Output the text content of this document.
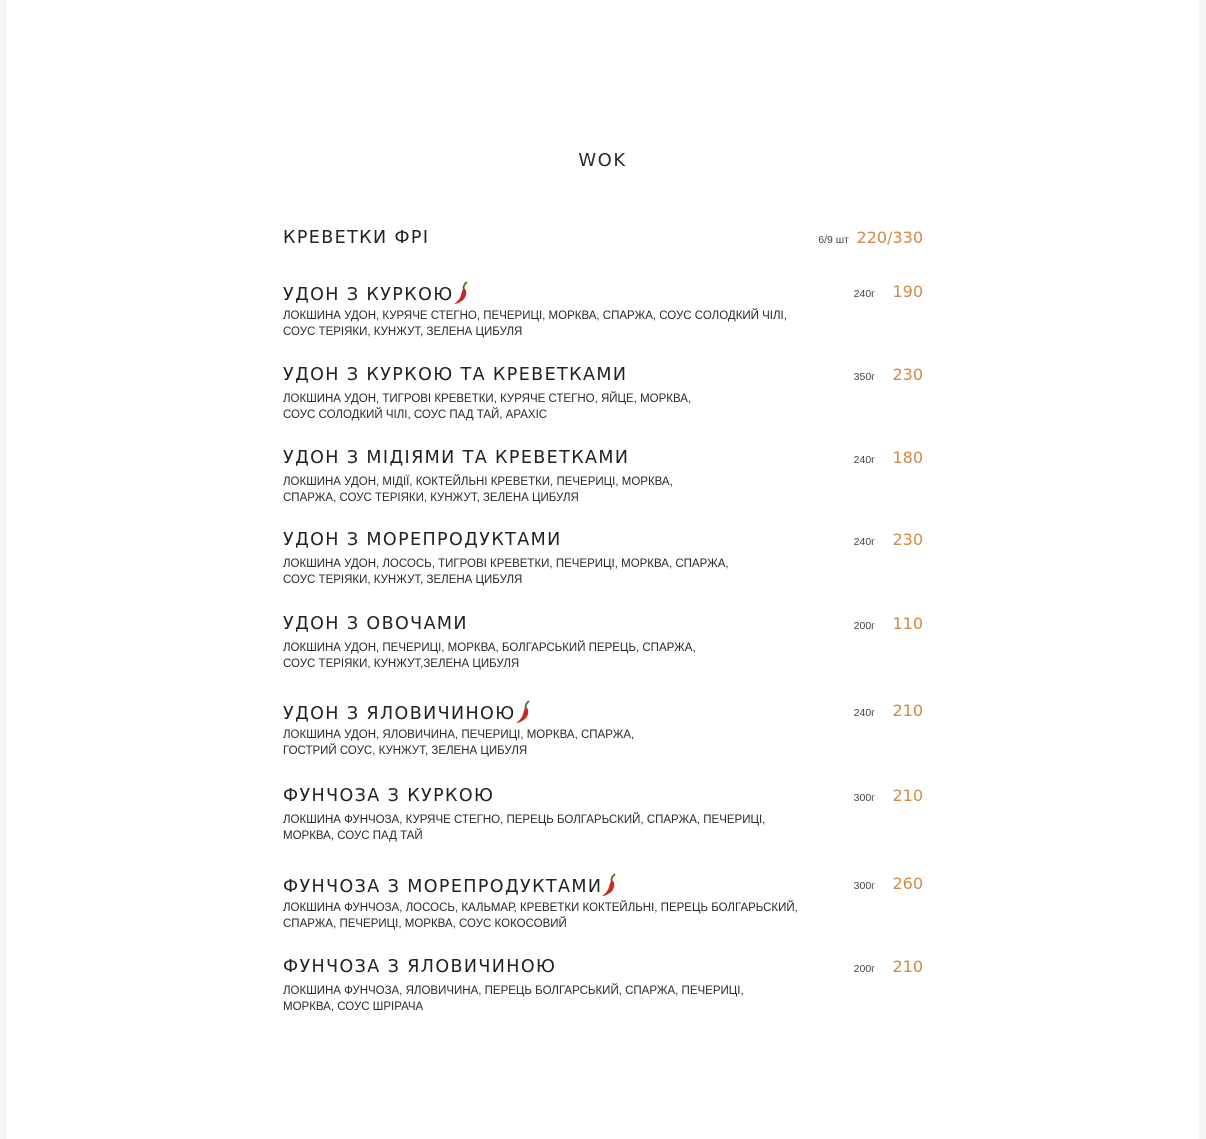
WOK
КРЕВЕТКИ ФРІ	6/9 шт 220/330
УДОН З КУРКОЮ
ЛОКШИНА УДОН, КУРЯЧЕ СТЕГНО, ПЕЧЕРИЦІ, МОРКВА, СПАРЖА, СОУС СОЛОДКИЙ ЧІЛІ,
СОУС ТЕРІЯКИ, КУНЖУТ, ЗЕЛЕНА ЦИБУЛЯ
240г	190
УДОН З КУРКОЮ ТА КРЕВЕТКАМИ
ЛОКШИНА УДОН, ТИГРОВІ КРЕВЕТКИ, КУРЯЧЕ СТЕГНО, ЯЙЦЕ, МОРКВА,
СОУС СОЛОДКИЙ ЧІЛІ, СОУС ПАД ТАЙ, АРАХІС
350г	230
УДОН З МІДІЯМИ ТА КРЕВЕТКАМИ
ЛОКШИНА УДОН, МІДІЇ, КОКТЕЙЛЬНІ КРЕВЕТКИ, ПЕЧЕРИЦІ, МОРКВА,
СПАРЖА, СОУС ТЕРІЯКИ, КУНЖУТ, ЗЕЛЕНА ЦИБУЛЯ
240г	180
УДОН З МОРЕПРОДУКТАМИ
ЛОКШИНА УДОН, ЛОСОСЬ, ТИГРОВІ КРЕВЕТКИ, ПЕЧЕРИЦІ, МОРКВА, СПАРЖА,
СОУС ТЕРІЯКИ, КУНЖУТ, ЗЕЛЕНА ЦИБУЛЯ
240г	230
УДОН З ОВОЧАМИ
ЛОКШИНА УДОН, ПЕЧЕРИЦІ, МОРКВА, БОЛГАРСЬКИЙ ПЕРЕЦЬ, СПАРЖА,
СОУС ТЕРІЯКИ, КУНЖУТ,ЗЕЛЕНА ЦИБУЛЯ
200г	110
УДОН З ЯЛОВИЧИНОЮ
ЛОКШИНА УДОН, ЯЛОВИЧИНА, ПЕЧЕРИЦІ, МОРКВА, СПАРЖА,
ГОСТРИЙ СОУС, КУНЖУТ, ЗЕЛЕНА ЦИБУЛЯ
240г	210
ФУНЧОЗА З КУРКОЮ
ЛОКШИНА ФУНЧОЗА, КУРЯЧЕ СТЕГНО, ПЕРЕЦЬ БОЛГАРЬСКИЙ, СПАРЖА, ПЕЧЕРИЦІ,
МОРКВА, СОУС ПАД ТАЙ
300г	210
ФУНЧОЗА З МОРЕПРОДУКТАМИ
ЛОКШИНА ФУНЧОЗА, ЛОСОСЬ, КАЛЬМАР, КРЕВЕТКИ КОКТЕЙЛЬНІ, ПЕРЕЦЬ БОЛГАРЬСКИЙ,
СПАРЖА, ПЕЧЕРИЦІ, МОРКВА, СОУС КОКОСОВИЙ
300г	260
ФУНЧОЗА З ЯЛОВИЧИНОЮ
ЛОКШИНА ФУНЧОЗА, ЯЛОВИЧИНА, ПЕРЕЦЬ БОЛГАРСЬКИЙ, СПАРЖА, ПЕЧЕРИЦІ,
МОРКВА, СОУС ШРІРАЧА
200г	210
